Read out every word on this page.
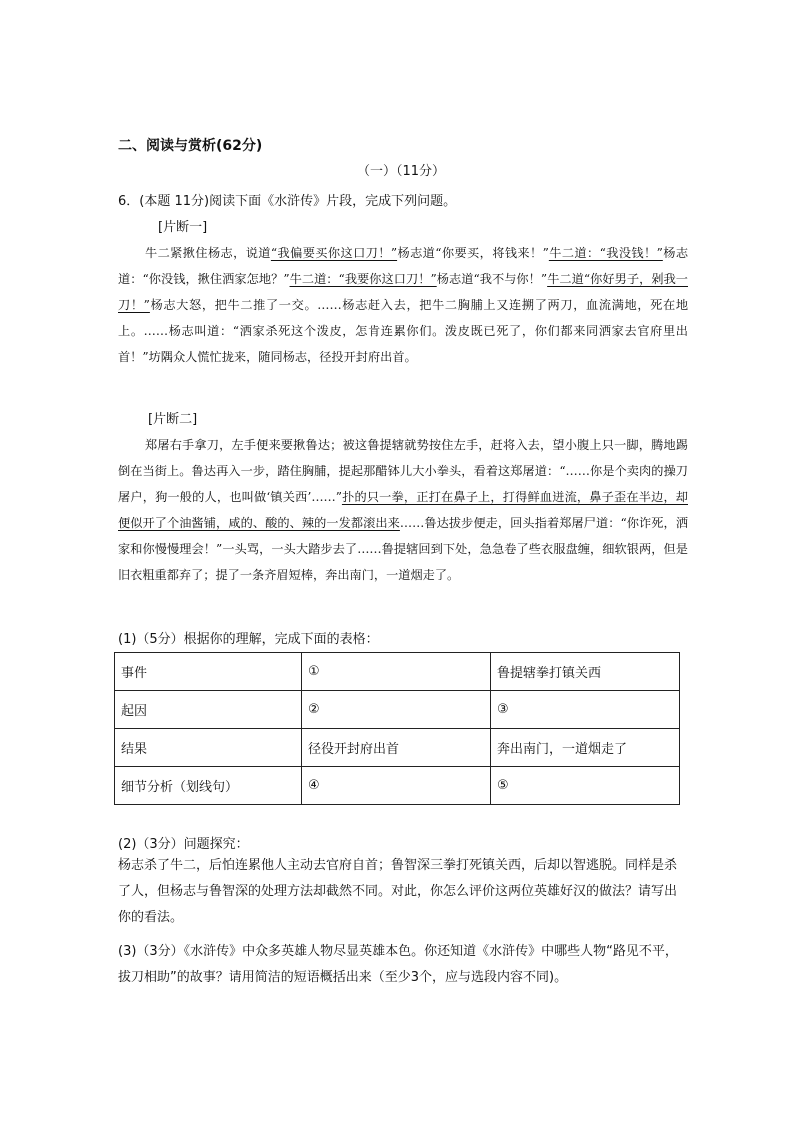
二、阅读与赏析(62分)
（一）（11分）
6．(本题 11分)阅读下面《水浒传》片段，完成下列问题。
[片断一]
牛二紧揪住杨志，说道“我偏要买你这口刀！”杨志道“你要买，将钱来！”牛二道：“我没钱！”杨志道：“你没钱，揪住洒家怎地？”牛二道：“我要你这口刀！”杨志道“我不与你！”牛二道“你好男子，剁我一刀！”杨志大怒，把牛二推了一交。……杨志赶入去，把牛二胸脯上又连搠了两刀，血流满地，死在地上。……杨志叫道：“洒家杀死这个泼皮，怎肯连累你们。泼皮既已死了，你们都来同洒家去官府里出首！”坊隅众人慌忙拢来，随同杨志，径投开封府出首。
[片断二]
郑屠右手拿刀，左手便来要揪鲁达；被这鲁提辖就势按住左手，赶将入去，望小腹上只一脚，腾地踢倒在当街上。鲁达再入一步，踏住胸脯，提起那醋钵儿大小拳头，看着这郑屠道：“……你是个卖肉的操刀屠户，狗一般的人，也叫做‘镇关西’……”扑的只一拳，正打在鼻子上，打得鲜血迸流，鼻子歪在半边，却便似开了个油酱铺，咸的、酸的、辣的一发都滚出来……鲁达拔步便走，回头指着郑屠尸道：“你诈死，洒家和你慢慢理会！”一头骂，一头大踏步去了……鲁提辖回到下处，急急卷了些衣服盘缠，细软银两，但是旧衣粗重都弃了；提了一条齐眉短棒，奔出南门，一道烟走了。
(1)（5分）根据你的理解，完成下面的表格：
事件	①	鲁提辖拳打镇关西
起因	②	③
结果	径役开封府出首	奔出南门，一道烟走了
细节分析（划线句）	④	⑤
(2)（3分）问题探究：
杨志杀了牛二，后怕连累他人主动去官府自首；鲁智深三拳打死镇关西，后却以智逃脱。同样是杀了人，但杨志与鲁智深的处理方法却截然不同。对此，你怎么评价这两位英雄好汉的做法？请写出你的看法。
(3)（3分）《水浒传》中众多英雄人物尽显英雄本色。你还知道《水浒传》中哪些人物“路见不平，拔刀相助”的故事？请用简洁的短语概括出来（至少3个，应与选段内容不同)。
